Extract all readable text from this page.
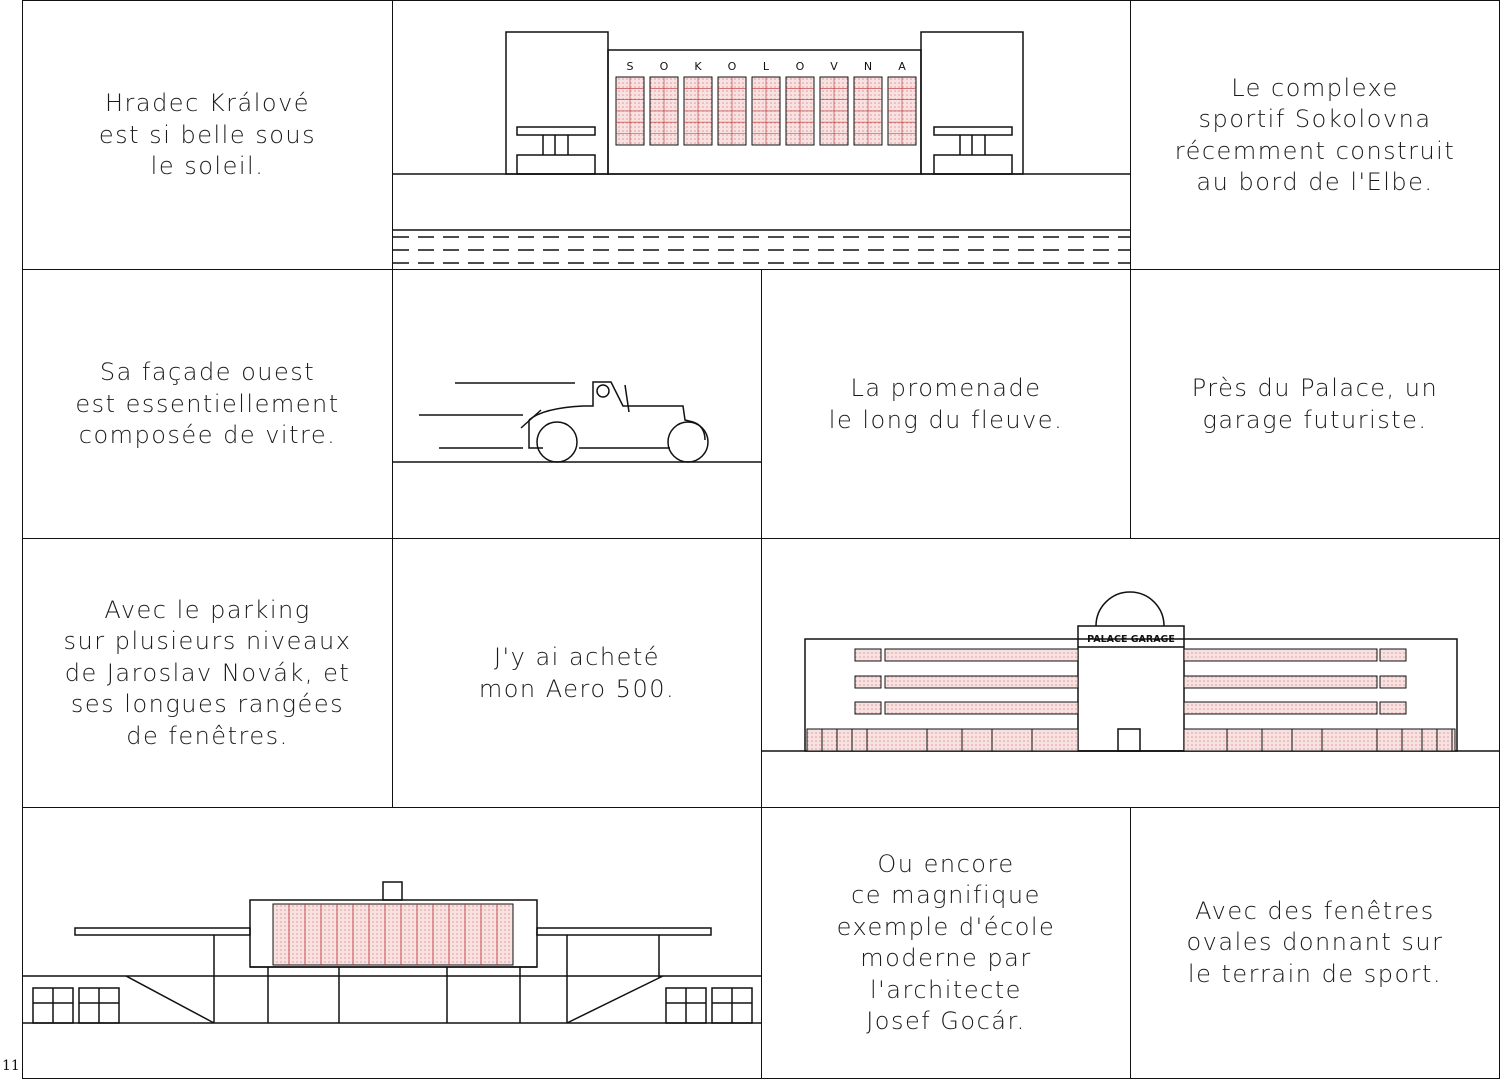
Hradec Králové
est si belle sous
le soleil.

S O K O L O V N A

Le complexe
sportif Sokolovna
récemment construit
au bord de l'Elbe.

Sa façade ouest
est essentiellement
composée de vitre.

La promenade
le long du fleuve.

Près du Palace, un
garage futuriste.

Avec le parking
sur plusieurs niveaux
de Jaroslav Novák, et
ses longues rangées
de fenêtres.

J'y ai acheté
mon Aero 500.

PALACE GARAGE

Ou encore
ce magnifique
exemple d'école
moderne par
l'architecte
Josef Gocár.

Avec des fenêtres
ovales donnant sur
le terrain de sport.

11
